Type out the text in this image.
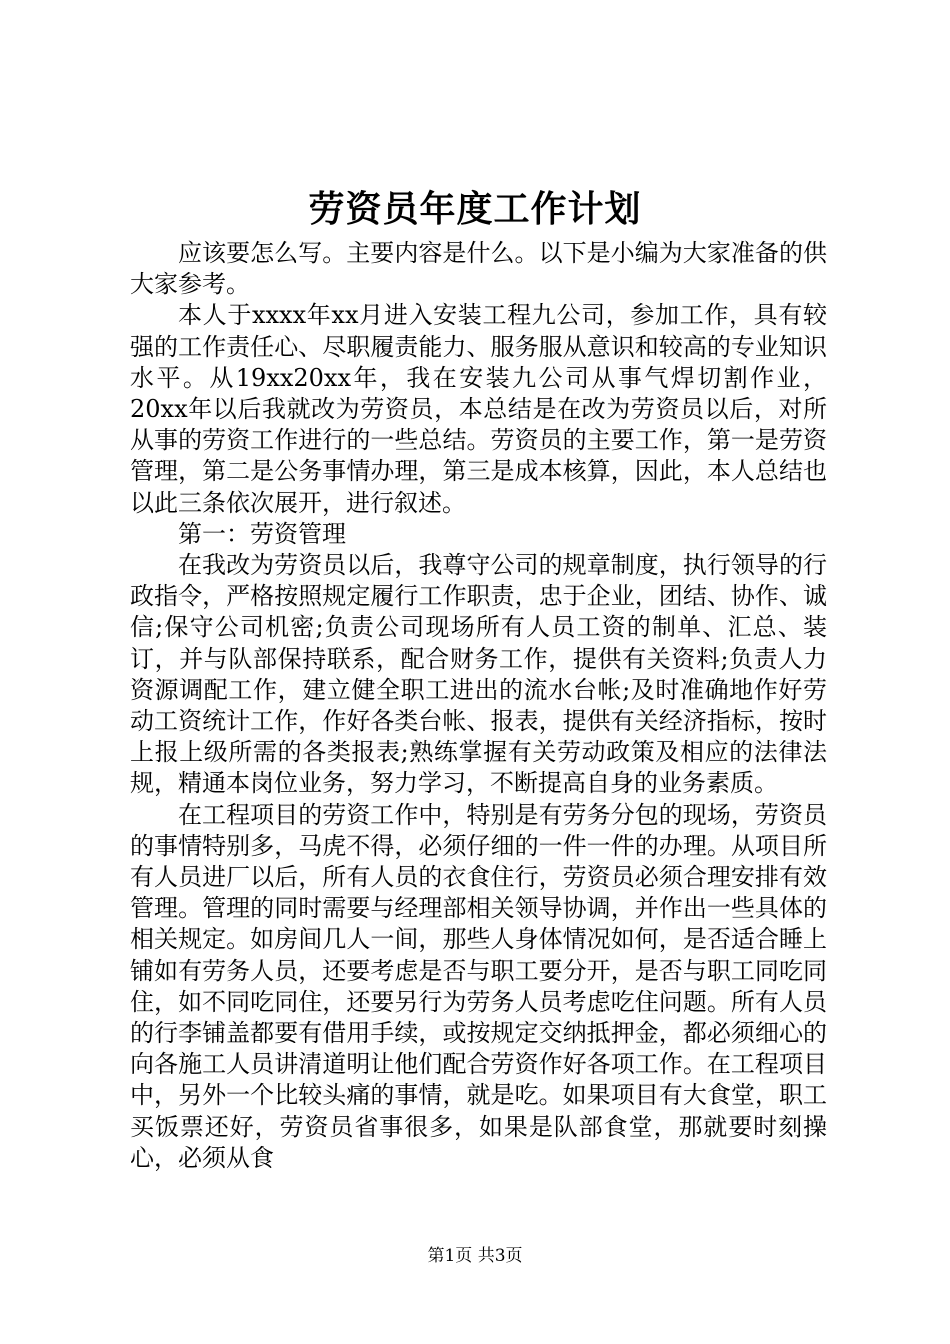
劳资员年度工作计划

应该要怎么写。主要内容是什么。以下是小编为大家准备的供大家参考。

本人于xxxx年xx月进入安装工程九公司，参加工作，具有较强的工作责任心、尽职履责能力、服务服从意识和较高的专业知识水平。从19xx20xx年，我在安装九公司从事气焊切割作业，20xx年以后我就改为劳资员，本总结是在改为劳资员以后，对所从事的劳资工作进行的一些总结。劳资员的主要工作，第一是劳资管理，第二是公务事情办理，第三是成本核算，因此，本人总结也以此三条依次展开，进行叙述。

第一：劳资管理

在我改为劳资员以后，我尊守公司的规章制度，执行领导的行政指令，严格按照规定履行工作职责，忠于企业，团结、协作、诚信;保守公司机密;负责公司现场所有人员工资的制单、汇总、装订，并与队部保持联系，配合财务工作，提供有关资料;负责人力资源调配工作，建立健全职工进出的流水台帐;及时准确地作好劳动工资统计工作，作好各类台帐、报表，提供有关经济指标，按时上报上级所需的各类报表;熟练掌握有关劳动政策及相应的法律法规，精通本岗位业务，努力学习，不断提高自身的业务素质。

在工程项目的劳资工作中，特别是有劳务分包的现场，劳资员的事情特别多，马虎不得，必须仔细的一件一件的办理。从项目所有人员进厂以后，所有人员的衣食住行，劳资员必须合理安排有效管理。管理的同时需要与经理部相关领导协调，并作出一些具体的相关规定。如房间几人一间，那些人身体情况如何，是否适合睡上铺如有劳务人员，还要考虑是否与职工要分开，是否与职工同吃同住，如不同吃同住，还要另行为劳务人员考虑吃住问题。所有人员的行李铺盖都要有借用手续，或按规定交纳抵押金，都必须细心的向各施工人员讲清道明让他们配合劳资作好各项工作。在工程项目中，另外一个比较头痛的事情，就是吃。如果项目有大食堂，职工买饭票还好，劳资员省事很多，如果是队部食堂，那就要时刻操心，必须从食

第1页 共3页
